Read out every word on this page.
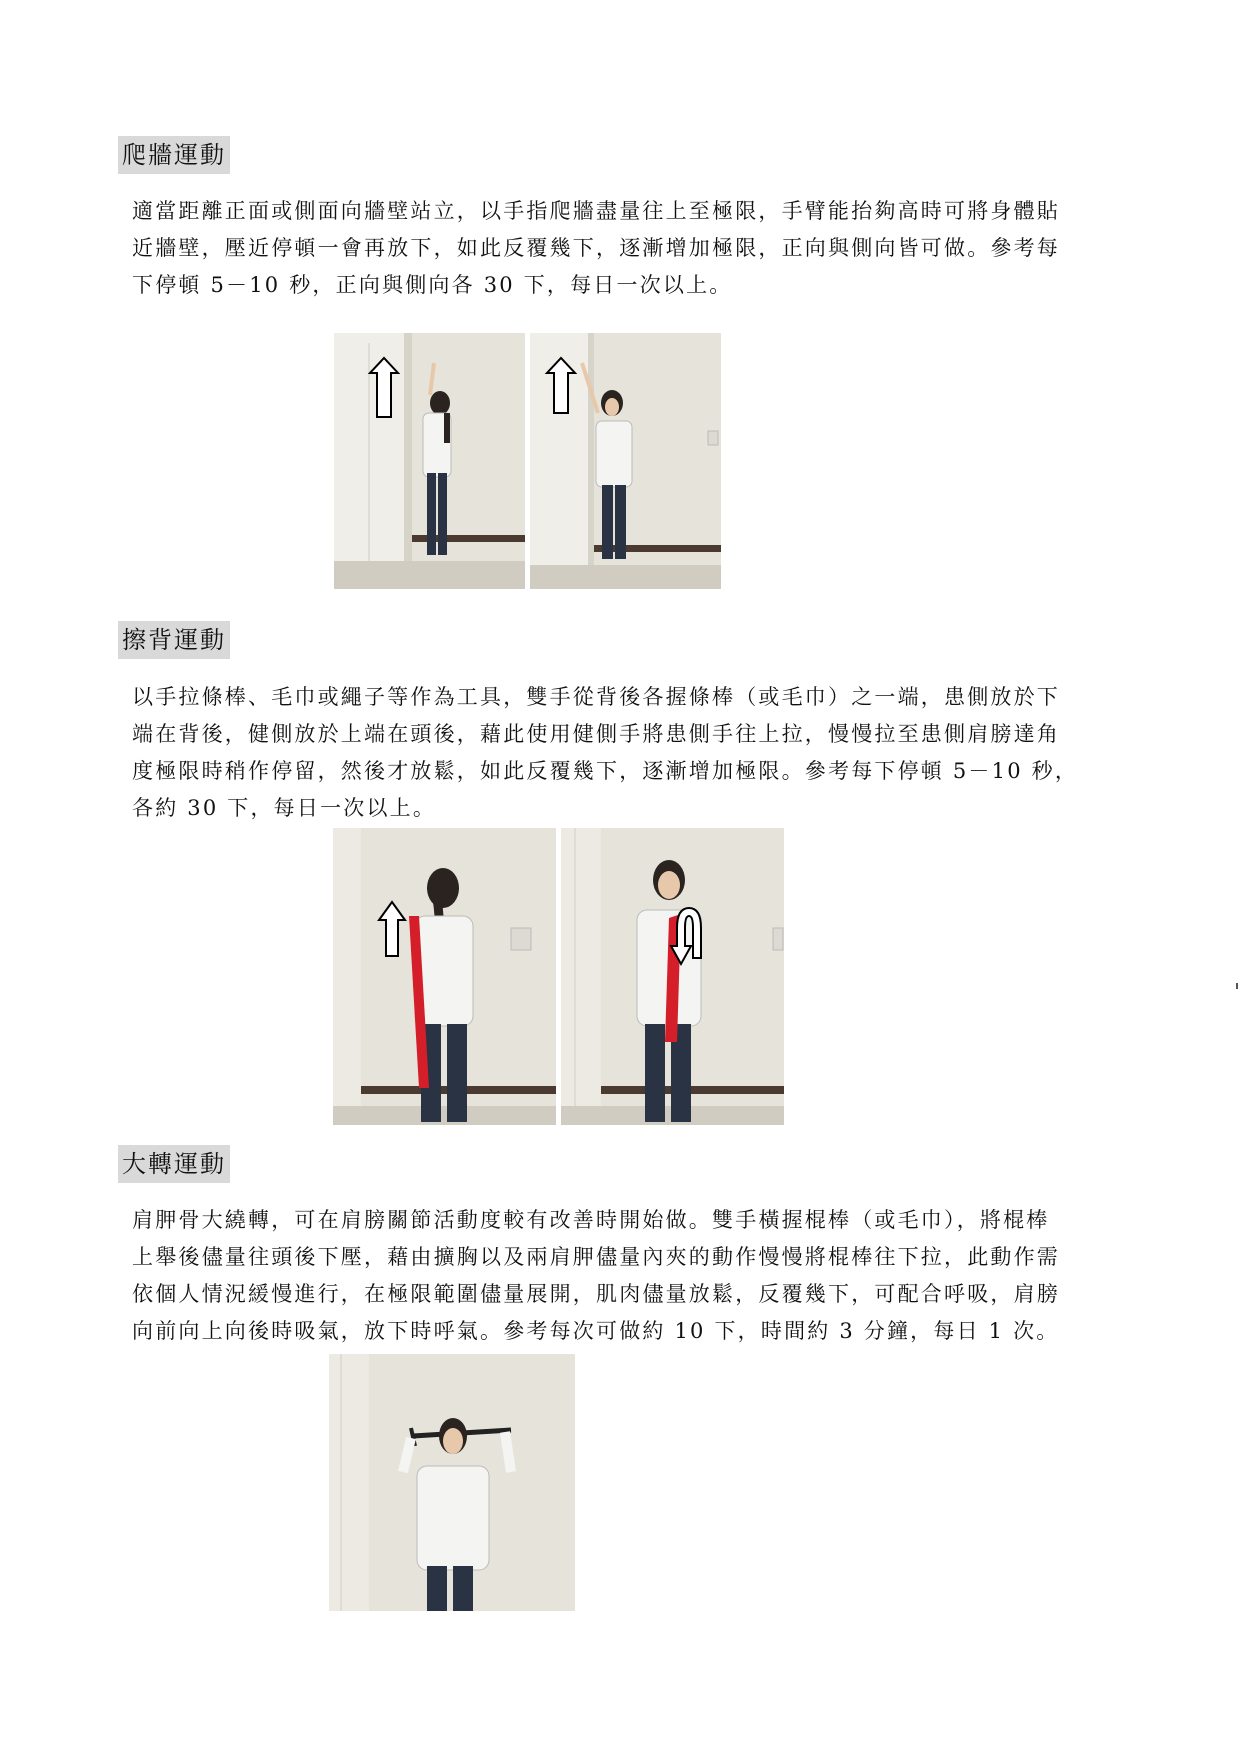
爬牆運動
適當距離正面或側面向牆壁站立，以手指爬牆盡量往上至極限，手臂能抬夠高時可將身體貼
近牆壁，壓近停頓一會再放下，如此反覆幾下，逐漸增加極限，正向與側向皆可做。參考每
下停頓 5－10 秒，正向與側向各 30 下，每日一次以上。
擦背運動
以手拉條棒、毛巾或繩子等作為工具，雙手從背後各握條棒（或毛巾）之一端，患側放於下
端在背後，健側放於上端在頭後，藉此使用健側手將患側手往上拉，慢慢拉至患側肩膀達角
度極限時稍作停留，然後才放鬆，如此反覆幾下，逐漸增加極限。參考每下停頓 5－10 秒，
各約 30 下，每日一次以上。
大轉運動
肩胛骨大繞轉，可在肩膀關節活動度較有改善時開始做。雙手橫握棍棒（或毛巾），將棍棒
上舉後儘量往頭後下壓，藉由擴胸以及兩肩胛儘量內夾的動作慢慢將棍棒往下拉，此動作需
依個人情況緩慢進行，在極限範圍儘量展開，肌肉儘量放鬆，反覆幾下，可配合呼吸，肩膀
向前向上向後時吸氣，放下時呼氣。參考每次可做約 10 下，時間約 3 分鐘，每日 1 次。
